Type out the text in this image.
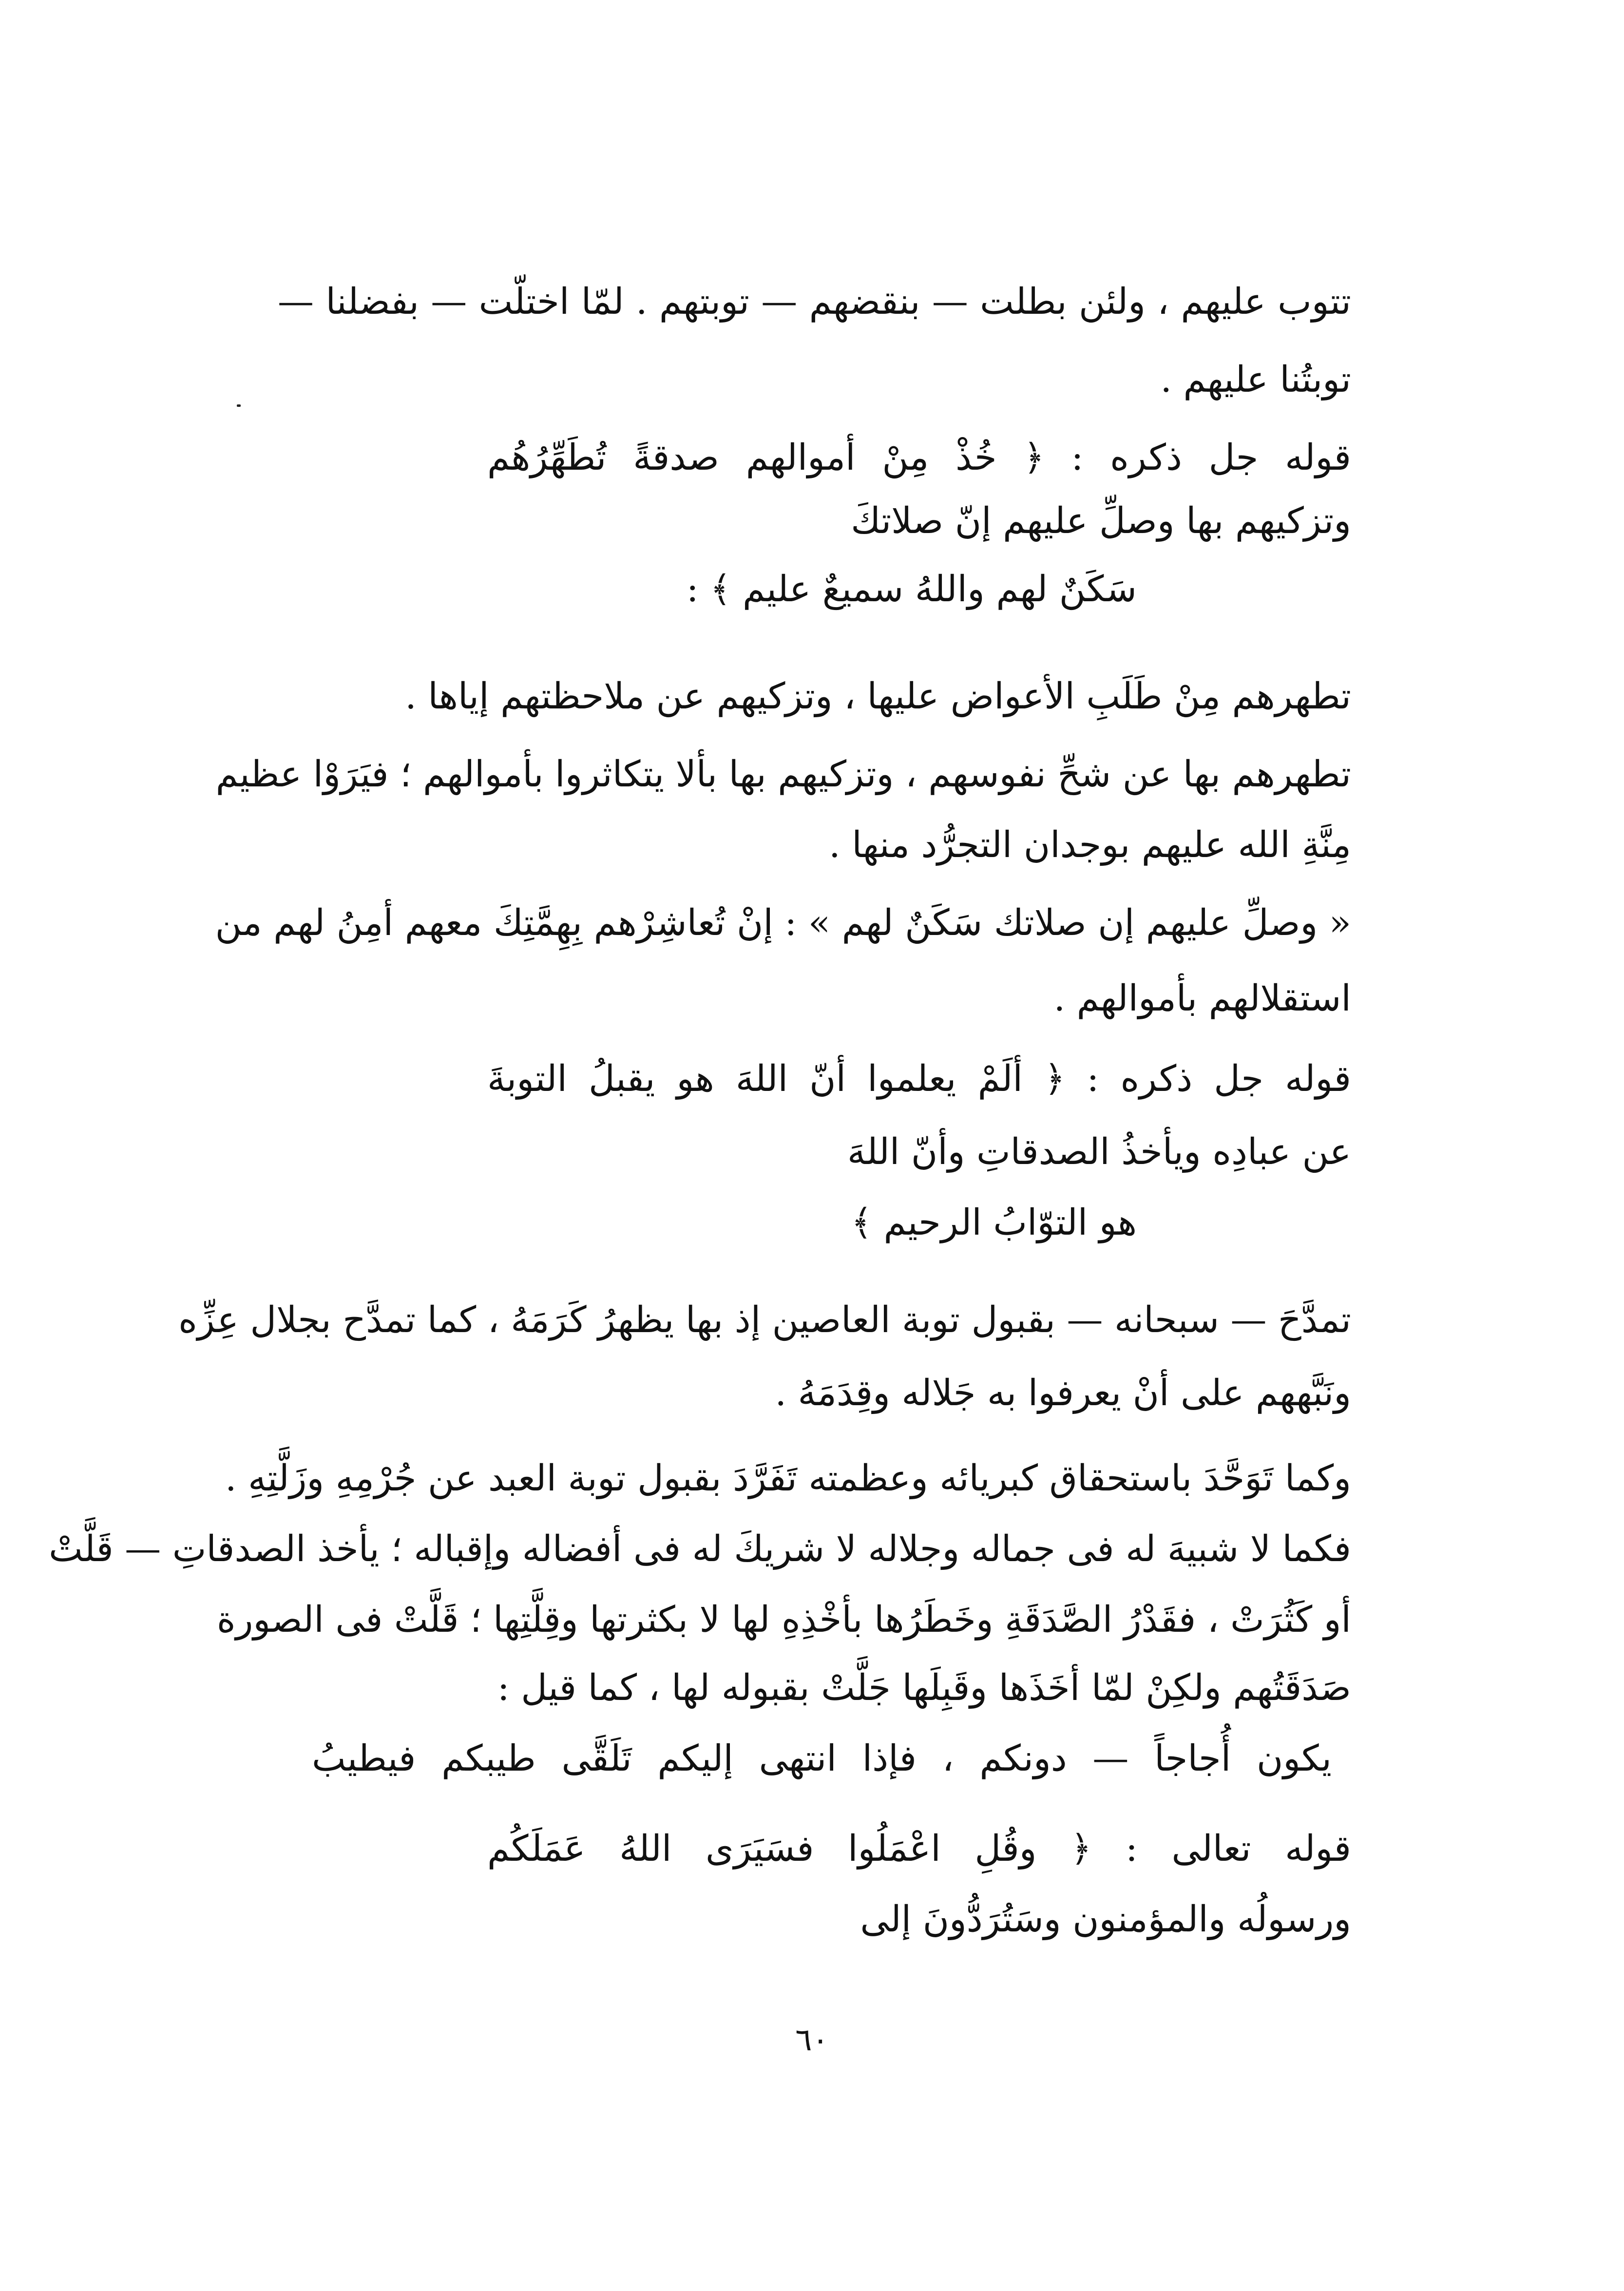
تتوب عليهم ، ولئن بطلت — بنقضهم — توبتهم . لمّا اختلّت — بفضلنا —
توبتُنا عليهم .
قوله جل ذكره : ﴿ خُذْ مِنْ أموالهم صدقةً تُطَهِّرُهُم
وتزكيهم بها وصلِّ عليهم إنّ صلاتكَ
سَكَنٌ لهم واللهُ سميعٌ عليم ﴾ :
تطهرهم مِنْ طَلَبِ الأعواض عليها ، وتزكيهم عن ملاحظتهم إياها .
تطهرهم بها عن شحِّ نفوسهم ، وتزكيهم بها بألا يتكاثروا بأموالهم ؛ فيَرَوْا عظيم
مِنَّةِ الله عليهم بوجدان التجرُّد منها .
« وصلِّ عليهم إن صلاتك سَكَنٌ لهم » : إنْ تُعاشِرْهم بِهِمَّتِكَ معهم أمِنُ لهم من
استقلالهم بأموالهم .
قوله جل ذكره : ﴿ ألَمْ يعلموا أنّ اللهَ هو يقبلُ التوبةَ
عن عبادِه ويأخذُ الصدقاتِ وأنّ اللهَ
هو التوّابُ الرحيم ﴾
تمدَّحَ — سبحانه — بقبول توبة العاصين إذ بها يظهرُ كَرَمَهُ ، كما تمدَّح بجلال عِزِّه
ونَبَّههم على أنْ يعرفوا به جَلاله وقِدَمَهُ .
وكما تَوَحَّدَ باستحقاق كبريائه وعظمته تَفَرَّدَ بقبول توبة العبد عن جُرْمِهِ وزَلَّتِهِ .
فكما لا شبيهَ له فى جماله وجلاله لا شريكَ له فى أفضاله وإقباله ؛ يأخذ الصدقاتِ — قَلَّتْ
أو كَثُرَتْ ، فقَدْرُ الصَّدَقَةِ وخَطَرُها بأخْذِهِ لها لا بكثرتها وقِلَّتِها ؛ قَلَّتْ فى الصورة
صَدَقَتُهم ولكِنْ لمّا أخَذَها وقَبِلَها جَلَّتْ بقبوله لها ، كما قيل :
يكون أُجاجاً — دونكم ، فإذا انتهى إليكم تَلَقَّى طيبكم فيطيبُ
قوله تعالى : ﴿ وقُلِ اعْمَلُوا فسَيَرَى اللهُ عَمَلَكُم
ورسولُه والمؤمنون وسَتُرَدُّونَ إلى
٦٠
